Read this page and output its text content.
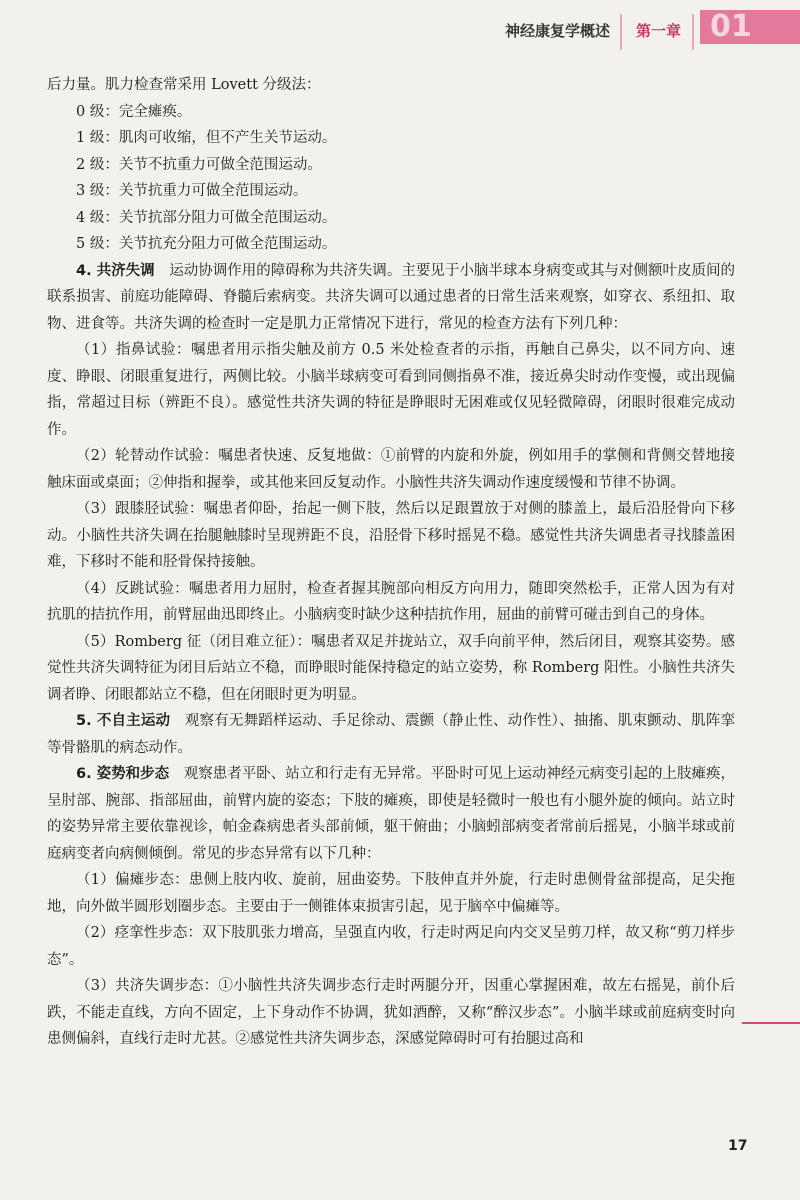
神经康复学概述 第一章 01

后力量。肌力检查常采用 Lovett 分级法：

0 级：完全瘫痪。

1 级：肌肉可收缩，但不产生关节运动。

2 级：关节不抗重力可做全范围运动。

3 级：关节抗重力可做全范围运动。

4 级：关节抗部分阻力可做全范围运动。

5 级：关节抗充分阻力可做全范围运动。

4. 共济失调　 运动协调作用的障碍称为共济失调。主要见于小脑半球本身病变或其与对侧额叶皮质间的联系损害、前庭功能障碍、脊髓后索病变。共济失调可以通过患者的日常生活来观察，如穿衣、系纽扣、取物、进食等。共济失调的检查时一定是肌力正常情况下进行，常见的检查方法有下列几种：

（1）指鼻试验：嘱患者用示指尖触及前方 0.5 米处检查者的示指，再触自己鼻尖，以不同方向、速度、睁眼、闭眼重复进行，两侧比较。小脑半球病变可看到同侧指鼻不准，接近鼻尖时动作变慢，或出现偏指，常超过目标（辨距不良）。感觉性共济失调的特征是睁眼时无困难或仅见轻微障碍，闭眼时很难完成动作。

（2）轮替动作试验：嘱患者快速、反复地做：①前臂的内旋和外旋，例如用手的掌侧和背侧交替地接触床面或桌面；②伸指和握拳，或其他来回反复动作。小脑性共济失调动作速度缓慢和节律不协调。

（3）跟膝胫试验：嘱患者仰卧，抬起一侧下肢，然后以足跟置放于对侧的膝盖上，最后沿胫骨向下移动。小脑性共济失调在抬腿触膝时呈现辨距不良，沿胫骨下移时摇晃不稳。感觉性共济失调患者寻找膝盖困难，下移时不能和胫骨保持接触。

（4）反跳试验：嘱患者用力屈肘，检查者握其腕部向相反方向用力，随即突然松手，正常人因为有对抗肌的拮抗作用，前臂屈曲迅即终止。小脑病变时缺少这种拮抗作用，屈曲的前臂可碰击到自己的身体。

（5）Romberg 征（闭目难立征）：嘱患者双足并拢站立，双手向前平伸，然后闭目，观察其姿势。感觉性共济失调特征为闭目后站立不稳，而睁眼时能保持稳定的站立姿势，称 Romberg 阳性。小脑性共济失调者睁、闭眼都站立不稳，但在闭眼时更为明显。

5. 不自主运动　 观察有无舞蹈样运动、手足徐动、震颤（静止性、动作性）、抽搐、肌束颤动、肌阵挛等骨骼肌的病态动作。

6. 姿势和步态　 观察患者平卧、站立和行走有无异常。平卧时可见上运动神经元病变引起的上肢瘫痪，呈肘部、腕部、指部屈曲，前臂内旋的姿态；下肢的瘫痪，即使是轻微时一般也有小腿外旋的倾向。站立时的姿势异常主要依靠视诊，帕金森病患者头部前倾，躯干俯曲；小脑蚓部病变者常前后摇晃，小脑半球或前庭病变者向病侧倾倒。常见的步态异常有以下几种：

（1）偏瘫步态：患侧上肢内收、旋前，屈曲姿势。下肢伸直并外旋，行走时患侧骨盆部提高，足尖拖地，向外做半圆形划圈步态。主要由于一侧锥体束损害引起，见于脑卒中偏瘫等。

（2）痉挛性步态：双下肢肌张力增高，呈强直内收，行走时两足向内交叉呈剪刀样，故又称“剪刀样步态”。

（3）共济失调步态：①小脑性共济失调步态行走时两腿分开，因重心掌握困难，故左右摇晃，前仆后跌，不能走直线，方向不固定，上下身动作不协调，犹如酒醉，又称“醉汉步态”。小脑半球或前庭病变时向患侧偏斜，直线行走时尤甚。②感觉性共济失调步态，深感觉障碍时可有抬腿过高和

17
